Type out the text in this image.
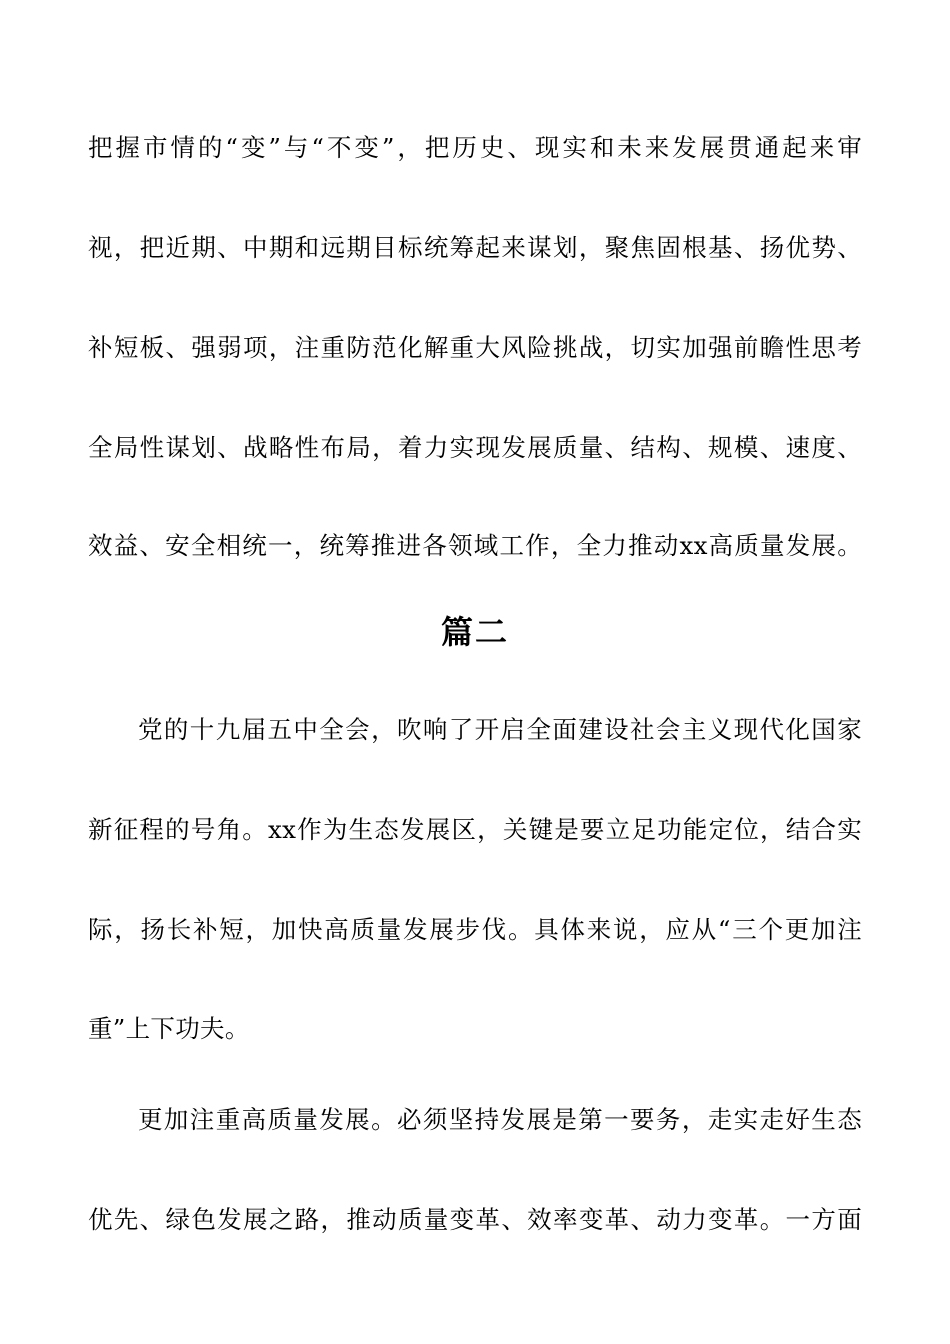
把握市情的“变”与“不变”，把历史、现实和未来发展贯通起来审
视，把近期、中期和远期目标统筹起来谋划，聚焦固根基、扬优势、
补短板、强弱项，注重防范化解重大风险挑战，切实加强前瞻性思考
全局性谋划、战略性布局，着力实现发展质量、结构、规模、速度、
效益、安全相统一，统筹推进各领域工作，全力推动xx高质量发展。
篇二
党的十九届五中全会，吹响了开启全面建设社会主义现代化国家
新征程的号角。xx作为生态发展区，关键是要立足功能定位，结合实
际，扬长补短，加快高质量发展步伐。具体来说，应从“三个更加注
重”上下功夫。
更加注重高质量发展。必须坚持发展是第一要务，走实走好生态
优先、绿色发展之路，推动质量变革、效率变革、动力变革。一方面
